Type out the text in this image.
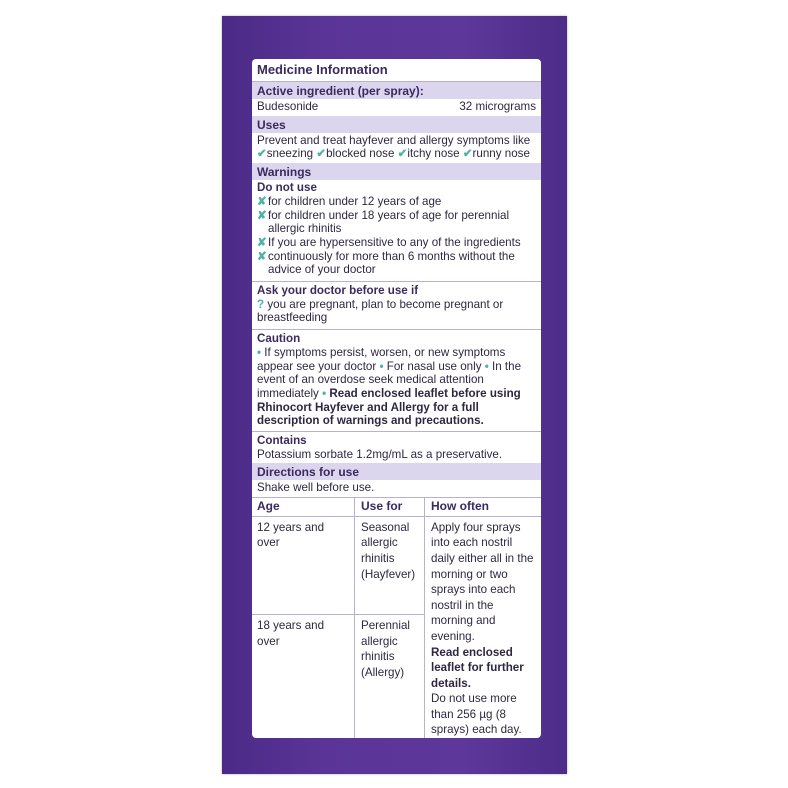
Medicine Information
Active ingredient (per spray):
Budesonide	32 micrograms
Uses
Prevent and treat hayfever and allergy symptoms like
✔sneezing ✔blocked nose ✔itchy nose ✔runny nose
Warnings
Do not use
✘ for children under 12 years of age
✘ for children under 18 years of age for perennial allergic rhinitis
✘ If you are hypersensitive to any of the ingredients
✘ continuously for more than 6 months without the advice of your doctor
Ask your doctor before use if
? you are pregnant, plan to become pregnant or breastfeeding
Caution
• If symptoms persist, worsen, or new symptoms appear see your doctor • For nasal use only • In the event of an overdose seek medical attention immediately • Read enclosed leaflet before using Rhinocort Hayfever and Allergy for a full description of warnings and precautions.
Contains
Potassium sorbate 1.2mg/mL as a preservative.
Directions for use
Shake well before use.
Age	Use for	How often
12 years and over	Seasonal allergic rhinitis (Hayfever)	Apply four sprays into each nostril daily either all in the morning or two sprays into each nostril in the morning and evening.
Read enclosed leaflet for further details.
Do not use more than 256 µg (8 sprays) each day.

18 years and over	Perennial allergic rhinitis (Allergy)	
